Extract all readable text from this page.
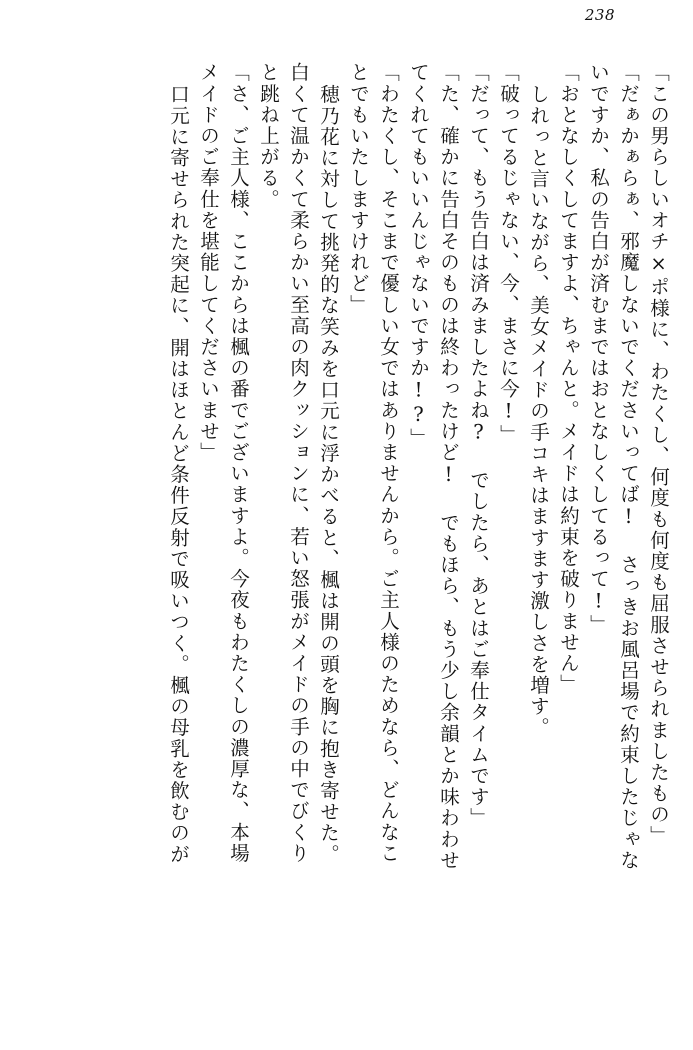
238
「この男らしいオチ×ポ様に、わたくし、何度も何度も屈服させられましたもの」
「だぁかぁらぁ、邪魔しないでくださいってば! さっきお風呂場で約束したじゃな
いですか、私の告白が済むまではおとなしくしてるって!」
「おとなしくしてますよ、ちゃんと。メイドは約束を破りません」
しれっと言いながら、美女メイドの手コキはますます激しさを増す。
「破ってるじゃない、今、まさに今!」
「だって、もう告白は済みましたよね? でしたら、あとはご奉仕タイムです」
「た、確かに告白そのものは終わったけど! でもほら、もう少し余韻とか味わわせ
てくれてもいいんじゃないですか!?」
「わたくし、そこまで優しい女ではありませんから。ご主人様のためなら、どんなこ
とでもいたしますけれど」
穂乃花に対して挑発的な笑みを口元に浮かべると、楓は開の頭を胸に抱き寄せた。
白くて温かくて柔らかい至高の肉クッションに、若い怒張がメイドの手の中でびくり
と跳ね上がる。
「さ、ご主人様、ここからは楓の番でございますよ。今夜もわたくしの濃厚な、本場
メイドのご奉仕を堪能してくださいませ」
口元に寄せられた突起に、開はほとんど条件反射で吸いつく。楓の母乳を飲むのが
